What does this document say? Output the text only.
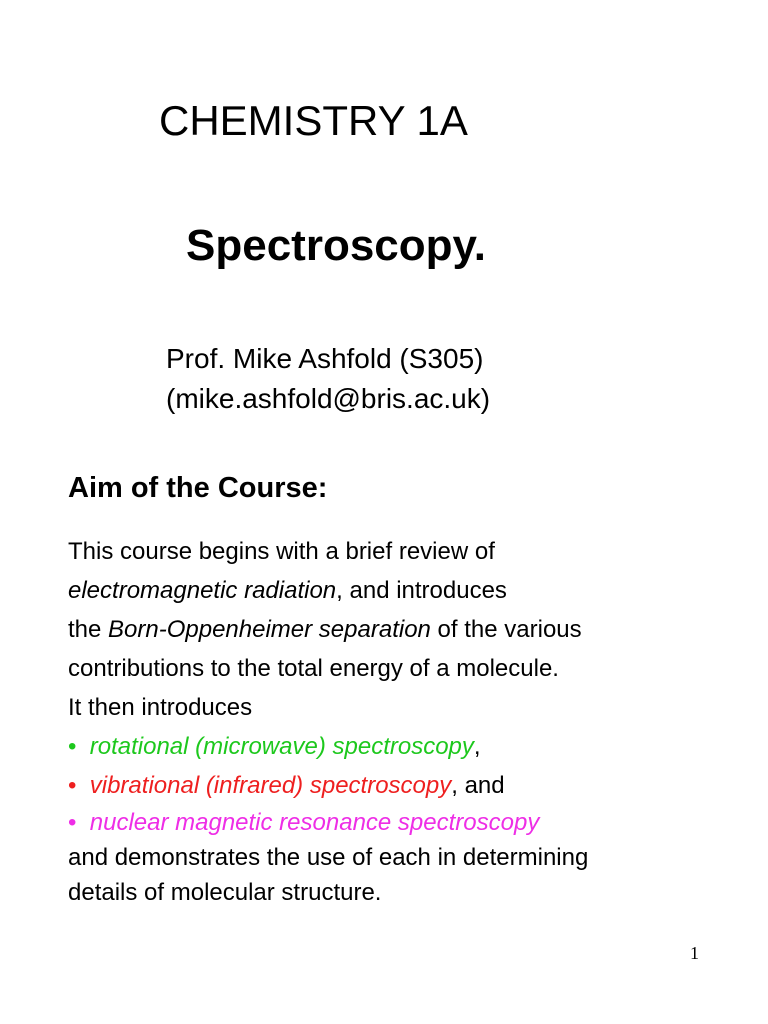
CHEMISTRY 1A
Spectroscopy.
Prof. Mike Ashfold (S305)
(mike.ashfold@bris.ac.uk)
Aim of the Course:
This course begins with a brief review of
electromagnetic radiation, and introduces
the Born-Oppenheimer separation of the various
contributions to the total energy of a molecule.
It then introduces
• rotational (microwave) spectroscopy,
• vibrational (infrared) spectroscopy, and
• nuclear magnetic resonance spectroscopy
and demonstrates the use of each in determining
details of molecular structure.
1
